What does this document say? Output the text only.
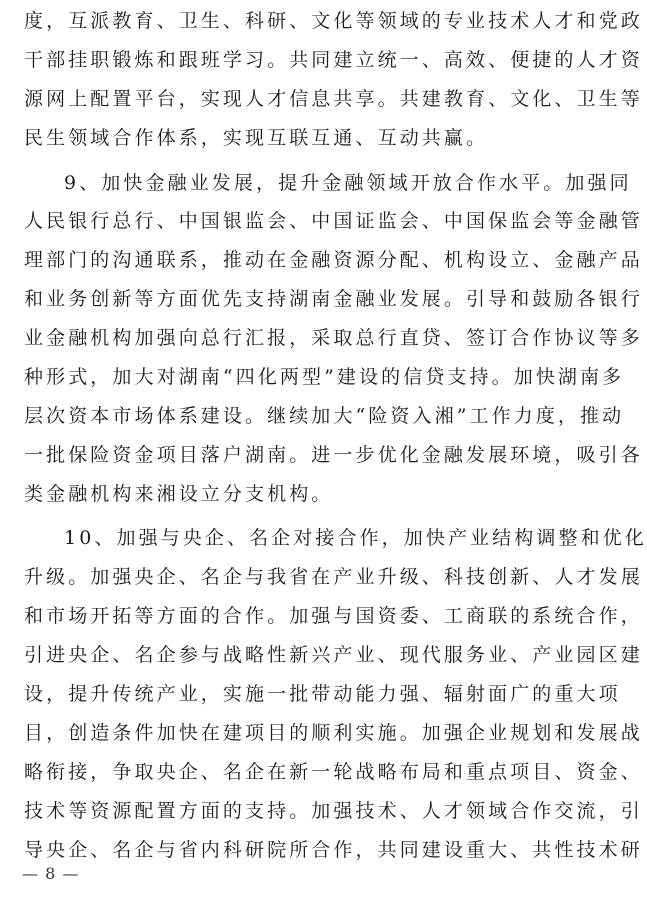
度，互派教育、卫生、科研、文化等领域的专业技术人才和党政
干部挂职锻炼和跟班学习。共同建立统一、高效、便捷的人才资
源网上配置平台，实现人才信息共享。共建教育、文化、卫生等
民生领域合作体系，实现互联互通、互动共赢。
9、加快金融业发展，提升金融领域开放合作水平。加强同
人民银行总行、中国银监会、中国证监会、中国保监会等金融管
理部门的沟通联系，推动在金融资源分配、机构设立、金融产品
和业务创新等方面优先支持湖南金融业发展。引导和鼓励各银行
业金融机构加强向总行汇报，采取总行直贷、签订合作协议等多
种形式，加大对湖南“四化两型”建设的信贷支持。加快湖南多
层次资本市场体系建设。继续加大“险资入湘”工作力度，推动
一批保险资金项目落户湖南。进一步优化金融发展环境，吸引各
类金融机构来湘设立分支机构。
10、加强与央企、名企对接合作，加快产业结构调整和优化
升级。加强央企、名企与我省在产业升级、科技创新、人才发展
和市场开拓等方面的合作。加强与国资委、工商联的系统合作，
引进央企、名企参与战略性新兴产业、现代服务业、产业园区建
设，提升传统产业，实施一批带动能力强、辐射面广的重大项
目，创造条件加快在建项目的顺利实施。加强企业规划和发展战
略衔接，争取央企、名企在新一轮战略布局和重点项目、资金、
技术等资源配置方面的支持。加强技术、人才领域合作交流，引
导央企、名企与省内科研院所合作，共同建设重大、共性技术研
— 8 —
